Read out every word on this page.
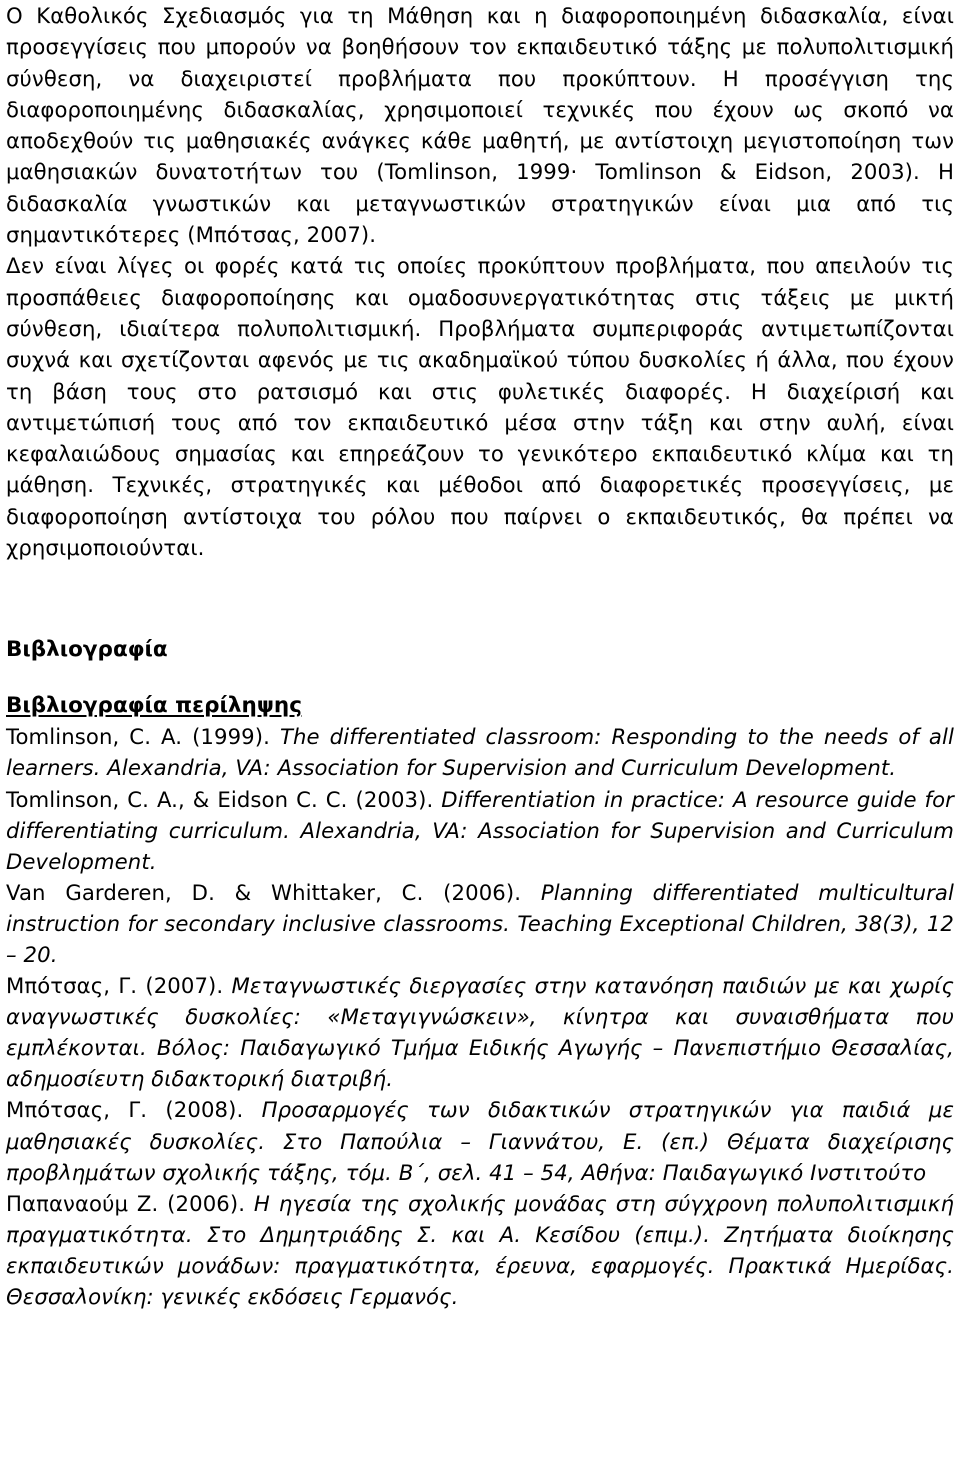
Ο Καθολικός Σχεδιασμός για τη Μάθηση και η διαφοροποιημένη διδασκαλία, είναι προσεγγίσεις που μπορούν να βοηθήσουν τον εκπαιδευτικό τάξης με πολυπολιτισμική σύνθεση, να διαχειριστεί προβλήματα που προκύπτουν. Η προσέγγιση της διαφοροποιημένης διδασκαλίας, χρησιμοποιεί τεχνικές που έχουν ως σκοπό να αποδεχθούν τις μαθησιακές ανάγκες κάθε μαθητή, με αντίστοιχη μεγιστοποίηση των μαθησιακών δυνατοτήτων του (Tomlinson, 1999· Tomlinson & Eidson, 2003). Η διδασκαλία γνωστικών και μεταγνωστικών στρατηγικών είναι μια από τις σημαντικότερες (Μπότσας, 2007).

Δεν είναι λίγες οι φορές κατά τις οποίες προκύπτουν προβλήματα, που απειλούν τις προσπάθειες διαφοροποίησης και ομαδοσυνεργατικότητας στις τάξεις με μικτή σύνθεση, ιδιαίτερα πολυπολιτισμική. Προβλήματα συμπεριφοράς αντιμετωπίζονται συχνά και σχετίζονται αφενός με τις ακαδημαϊκού τύπου δυσκολίες ή άλλα, που έχουν τη βάση τους στο ρατσισμό και στις φυλετικές διαφορές. Η διαχείρισή και αντιμετώπισή τους από τον εκπαιδευτικό μέσα στην τάξη και στην αυλή, είναι κεφαλαιώδους σημασίας και επηρεάζουν το γενικότερο εκπαιδευτικό κλίμα και τη μάθηση. Τεχνικές, στρατηγικές και μέθοδοι από διαφορετικές προσεγγίσεις, με διαφοροποίηση αντίστοιχα του ρόλου που παίρνει ο εκπαιδευτικός, θα πρέπει να χρησιμοποιούνται.

Βιβλιογραφία
Βιβλιογραφία περίληψης

Tomlinson, C. A. (1999). The differentiated classroom: Responding to the needs of all learners. Alexandria, VA: Association for Supervision and Curriculum Development.

Tomlinson, C. A., & Eidson C. C. (2003). Differentiation in practice: A resource guide for differentiating curriculum. Alexandria, VA: Association for Supervision and Curriculum Development.

Van Garderen, D. & Whittaker, C. (2006). Planning differentiated multicultural instruction for secondary inclusive classrooms. Teaching Exceptional Children, 38(3), 12 – 20.

Μπότσας, Γ. (2007). Μεταγνωστικές διεργασίες στην κατανόηση παιδιών με και χωρίς αναγνωστικές δυσκολίες: «Μεταγιγνώσκειν», κίνητρα και συναισθήματα που εμπλέκονται. Βόλος: Παιδαγωγικό Τμήμα Ειδικής Αγωγής – Πανεπιστήμιο Θεσσαλίας, αδημοσίευτη διδακτορική διατριβή.

Μπότσας, Γ. (2008). Προσαρμογές των διδακτικών στρατηγικών για παιδιά με μαθησιακές δυσκολίες. Στο Παπούλια – Γιαννάτου, Ε. (επ.) Θέματα διαχείρισης προβλημάτων σχολικής τάξης, τόμ. Β΄, σελ. 41 – 54, Αθήνα: Παιδαγωγικό Ινστιτούτο

Παπαναούμ Ζ. (2006). Η ηγεσία της σχολικής μονάδας στη σύγχρονη πολυπολιτισμική πραγματικότητα. Στο Δημητριάδης Σ. και Α. Κεσίδου (επιμ.). Ζητήματα διοίκησης εκπαιδευτικών μονάδων: πραγματικότητα, έρευνα, εφαρμογές. Πρακτικά Ημερίδας. Θεσσαλονίκη: γενικές εκδόσεις Γερμανός.
